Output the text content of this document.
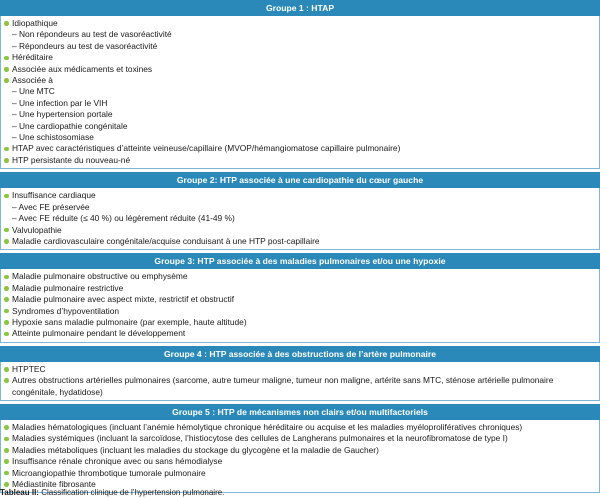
Groupe 1 : HTAP
Idiopathique
– Non répondeurs au test de vasoréactivité
– Répondeurs au test de vasoréactivité
Héréditaire
Associée aux médicaments et toxines
Associée à
– Une MTC
– Une infection par le VIH
– Une hypertension portale
– Une cardiopathie congénitale
– Une schistosomiase
HTAP avec caractéristiques d’atteinte veineuse/capillaire (MVOP/hémangiomatose capillaire pulmonaire)
HTP persistante du nouveau-né
Groupe 2: HTP associée à une cardiopathie du cœur gauche
Insuffisance cardiaque
– Avec FE préservée
– Avec FE réduite (≤ 40 %) ou légèrement réduite (41-49 %)
Valvulopathie
Maladie cardiovasculaire congénitale/acquise conduisant à une HTP post-capillaire
Groupe 3: HTP associée à des maladies pulmonaires et/ou une hypoxie
Maladie pulmonaire obstructive ou emphysème
Maladie pulmonaire restrictive
Maladie pulmonaire avec aspect mixte, restrictif et obstructif
Syndromes d’hypoventilation
Hypoxie sans maladie pulmonaire (par exemple, haute altitude)
Atteinte pulmonaire pendant le développement
Groupe 4 : HTP associée à des obstructions de l’artère pulmonaire
HTPTEC
Autres obstructions artérielles pulmonaires (sarcome, autre tumeur maligne, tumeur non maligne, artérite sans MTC, sténose artérielle pulmonaire congénitale, hydatidose)
Groupe 5 : HTP de mécanismes non clairs et/ou multifactoriels
Maladies hématologiques (incluant l’anémie hémolytique chronique héréditaire ou acquise et les maladies myéloprolifératives chroniques)
Maladies systémiques (incluant la sarcoïdose, l’histiocytose des cellules de Langherans pulmonaires et la neurofibromatose de type I)
Maladies métaboliques (incluant les maladies du stockage du glycogène et la maladie de Gaucher)
Insuffisance rénale chronique avec ou sans hémodialyse
Microangiopathie thrombotique tumorale pulmonaire
Médiastinite fibrosante
Tableau II: Classification clinique de l’hypertension pulmonaire.
